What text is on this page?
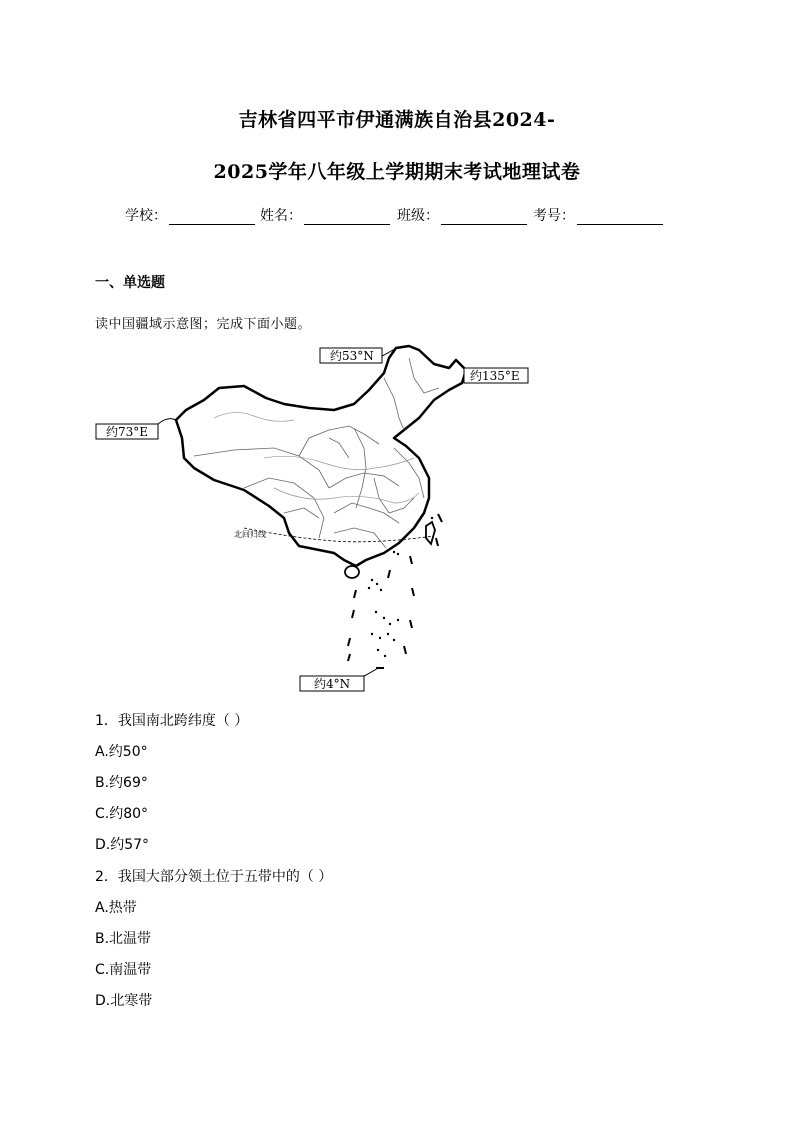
吉林省四平市伊通满族自治县2024-
2025学年八年级上学期期末考试地理试卷
学校：	姓名：	班级：	考号：
一、单选题
读中国疆域示意图；完成下面小题。
约53°N
约135°E
约73°E
约4°N
北回归线
1．我国南北跨纬度（ ）
A.约50°
B.约69°
C.约80°
D.约57°
2．我国大部分领土位于五带中的（ ）
A.热带
B.北温带
C.南温带
D.北寒带
